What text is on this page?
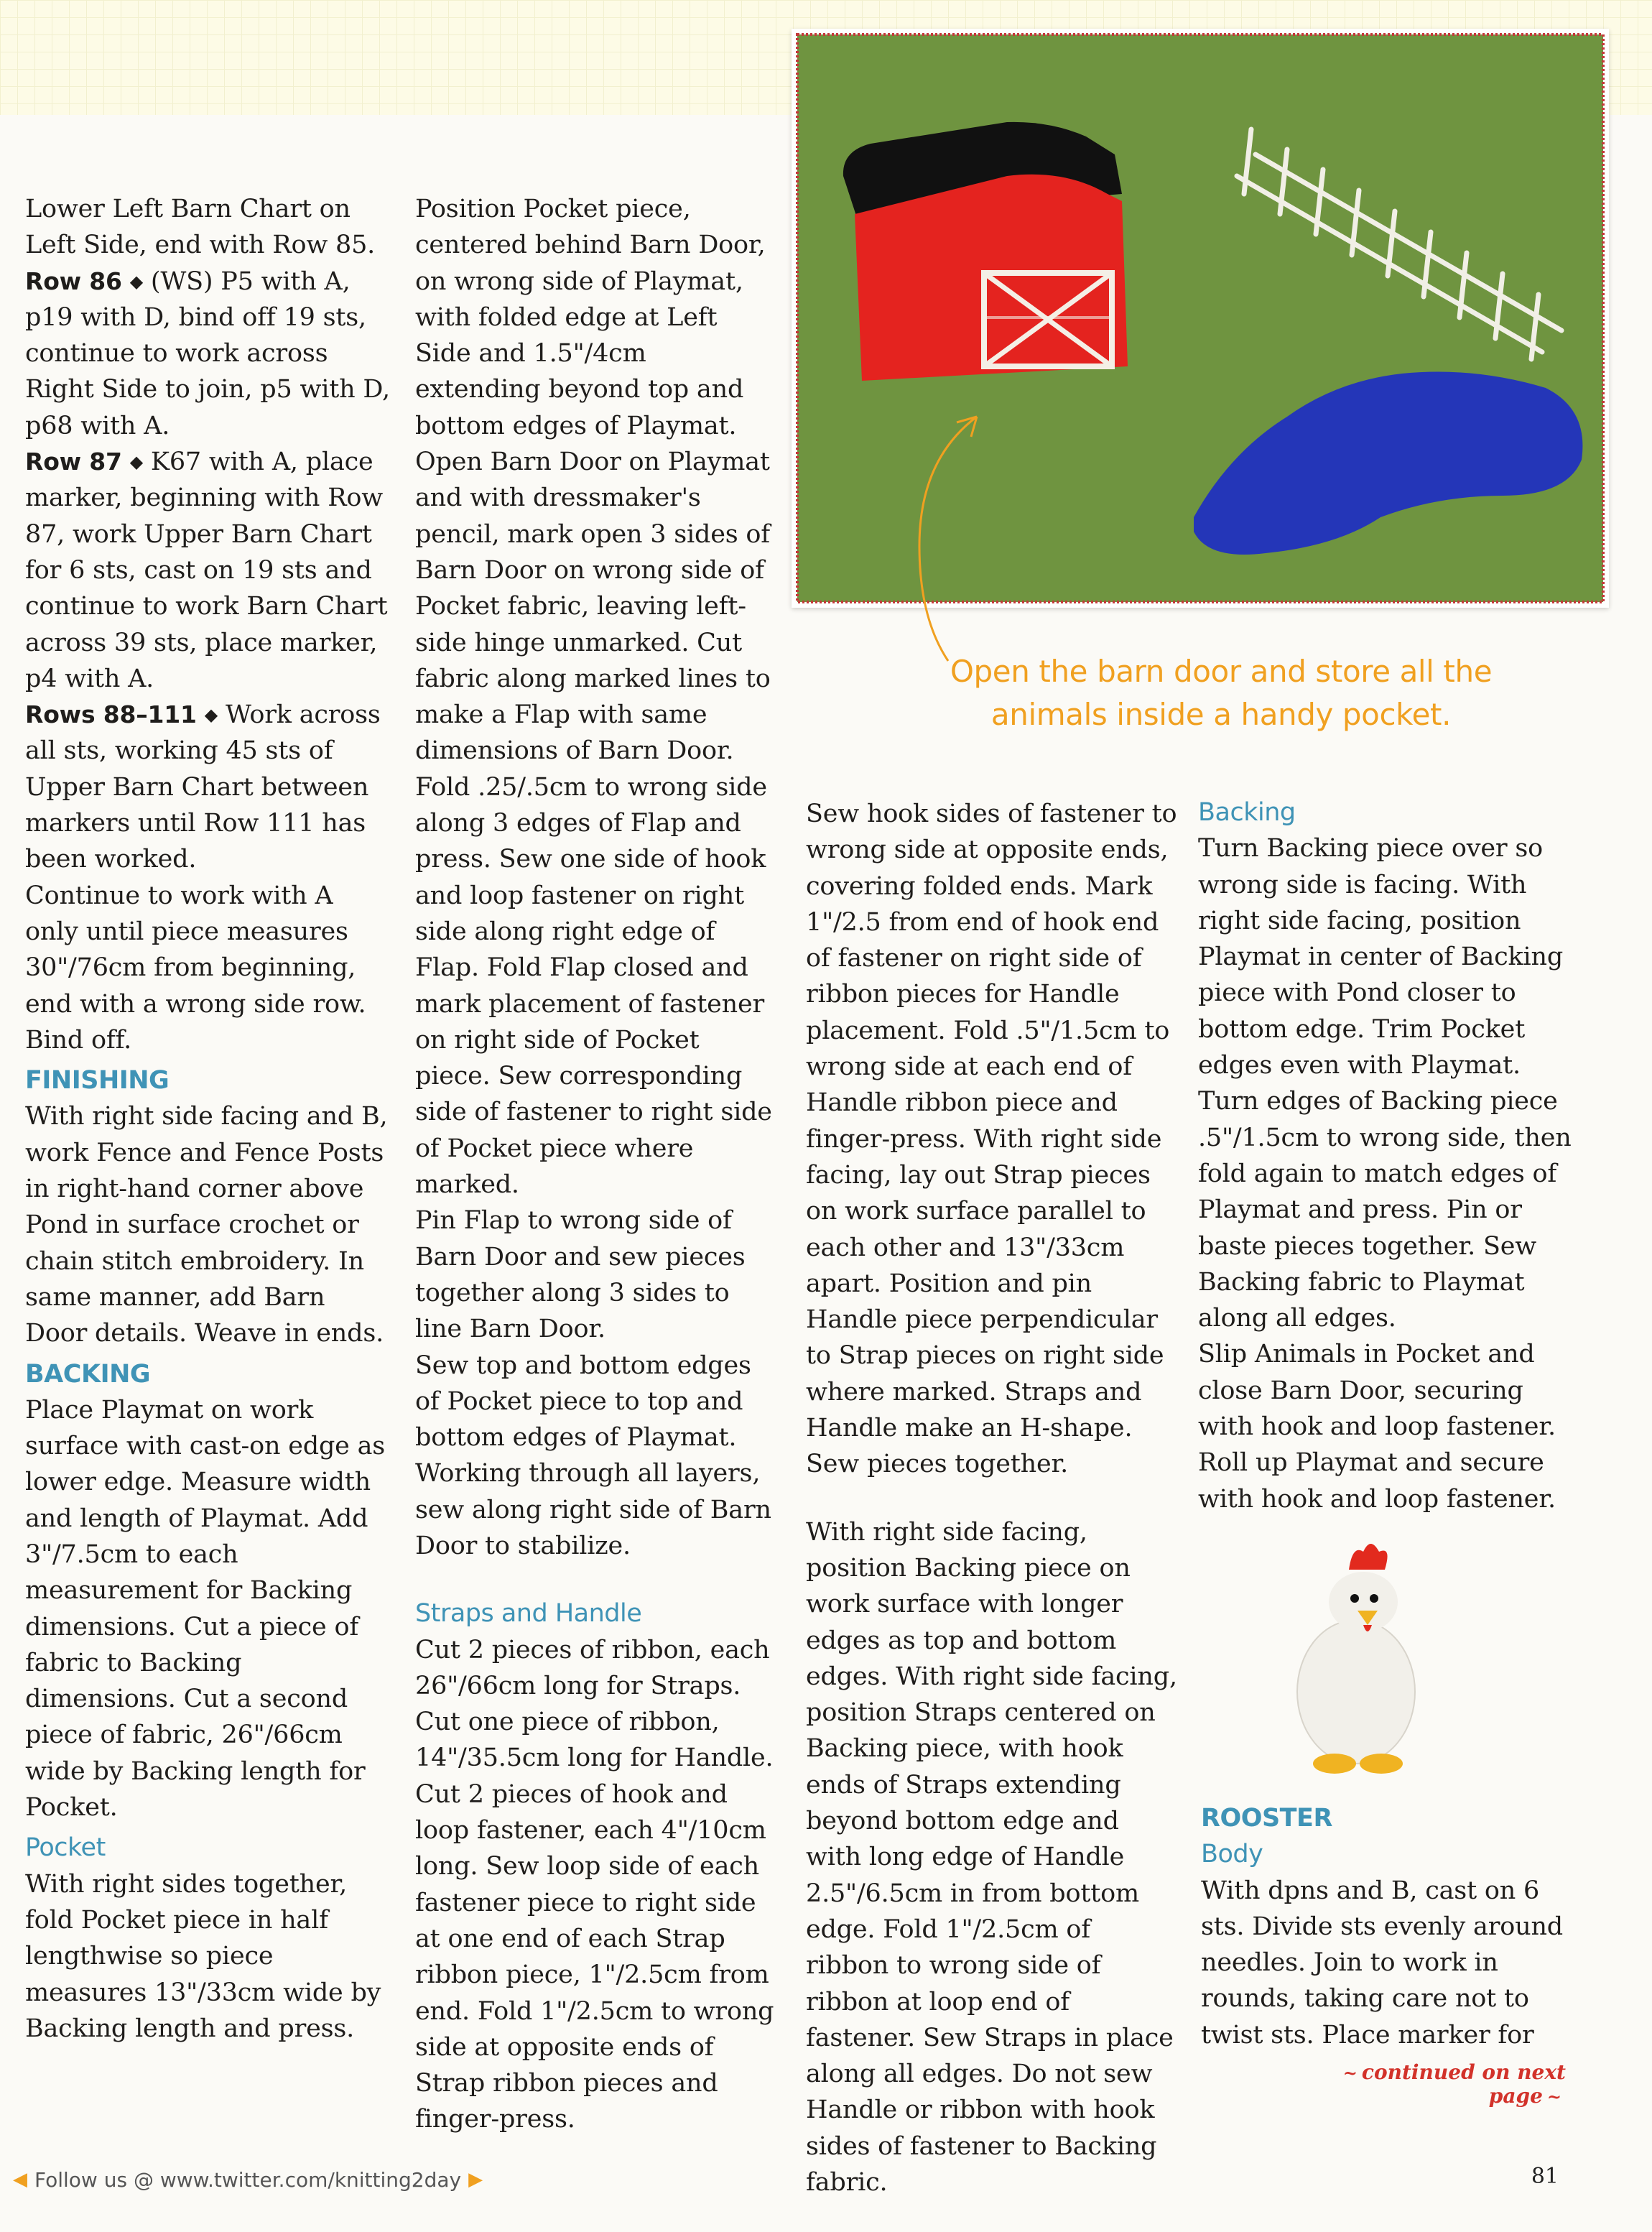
Lower Left Barn Chart on Left Side, end with Row 85.

Row 86 ◆ (WS) P5 with A, p19 with D, bind off 19 sts, continue to work across Right Side to join, p5 with D, p68 with A.

Row 87 ◆ K67 with A, place marker, beginning with Row 87, work Upper Barn Chart for 6 sts, cast on 19 sts and continue to work Barn Chart across 39 sts, place marker, p4 with A.

Rows 88–111 ◆ Work across all sts, working 45 sts of Upper Barn Chart between markers until Row 111 has been worked.

Continue to work with A only until piece measures 30"/76cm from beginning, end with a wrong side row. Bind off.

FINISHING

With right side facing and B, work Fence and Fence Posts in right-hand corner above Pond in surface crochet or chain stitch embroidery. In same manner, add Barn Door details. Weave in ends.

BACKING

Place Playmat on work surface with cast-on edge as lower edge. Measure width and length of Playmat. Add 3"/7.5cm to each measurement for Backing dimensions. Cut a piece of fabric to Backing dimensions. Cut a second piece of fabric, 26"/66cm wide by Backing length for Pocket.

Pocket

With right sides together, fold Pocket piece in half lengthwise so piece measures 13"/33cm wide by Backing length and press.

Position Pocket piece, centered behind Barn Door, on wrong side of Playmat, with folded edge at Left Side and 1.5"/4cm extending beyond top and bottom edges of Playmat.

Open Barn Door on Playmat and with dressmaker's pencil, mark open 3 sides of Barn Door on wrong side of Pocket fabric, leaving left-side hinge unmarked. Cut fabric along marked lines to make a Flap with same dimensions of Barn Door. Fold .25/.5cm to wrong side along 3 edges of Flap and press. Sew one side of hook and loop fastener on right side along right edge of Flap. Fold Flap closed and mark placement of fastener on right side of Pocket piece. Sew corresponding side of fastener to right side of Pocket piece where marked.

Pin Flap to wrong side of Barn Door and sew pieces together along 3 sides to line Barn Door.

Sew top and bottom edges of Pocket piece to top and bottom edges of Playmat. Working through all layers, sew along right side of Barn Door to stabilize.

Straps and Handle

Cut 2 pieces of ribbon, each 26"/66cm long for Straps. Cut one piece of ribbon, 14"/35.5cm long for Handle. Cut 2 pieces of hook and loop fastener, each 4"/10cm long. Sew loop side of each fastener piece to right side at one end of each Strap ribbon piece, 1"/2.5cm from end. Fold 1"/2.5cm to wrong side at opposite ends of Strap ribbon pieces and finger-press.

Sew hook sides of fastener to wrong side at opposite ends, covering folded ends. Mark 1"/2.5 from end of hook end of fastener on right side of ribbon pieces for Handle placement. Fold .5"/1.5cm to wrong side at each end of Handle ribbon piece and finger-press. With right side facing, lay out Strap pieces on work surface parallel to each other and 13"/33cm apart. Position and pin Handle piece perpendicular to Strap pieces on right side where marked. Straps and Handle make an H-shape. Sew pieces together.

With right side facing, position Backing piece on work surface with longer edges as top and bottom edges. With right side facing, position Straps centered on Backing piece, with hook ends of Straps extending beyond bottom edge and with long edge of Handle 2.5"/6.5cm in from bottom edge. Fold 1"/2.5cm of ribbon to wrong side of ribbon at loop end of fastener. Sew Straps in place along all edges. Do not sew Handle or ribbon with hook sides of fastener to Backing fabric.

Backing

Turn Backing piece over so wrong side is facing. With right side facing, position Playmat in center of Backing piece with Pond closer to bottom edge. Trim Pocket edges even with Playmat. Turn edges of Backing piece .5"/1.5cm to wrong side, then fold again to match edges of Playmat and press. Pin or baste pieces together. Sew Backing fabric to Playmat along all edges.

Slip Animals in Pocket and close Barn Door, securing with hook and loop fastener. Roll up Playmat and secure with hook and loop fastener.

ROOSTER

Body

With dpns and B, cast on 6 sts. Divide sts evenly around needles. Join to work in rounds, taking care not to twist sts. Place marker for

Open the barn door and store all the
animals inside a handy pocket.
~ continued on next page ~
◀ Follow us @ www.twitter.com/knitting2day ▶	81
